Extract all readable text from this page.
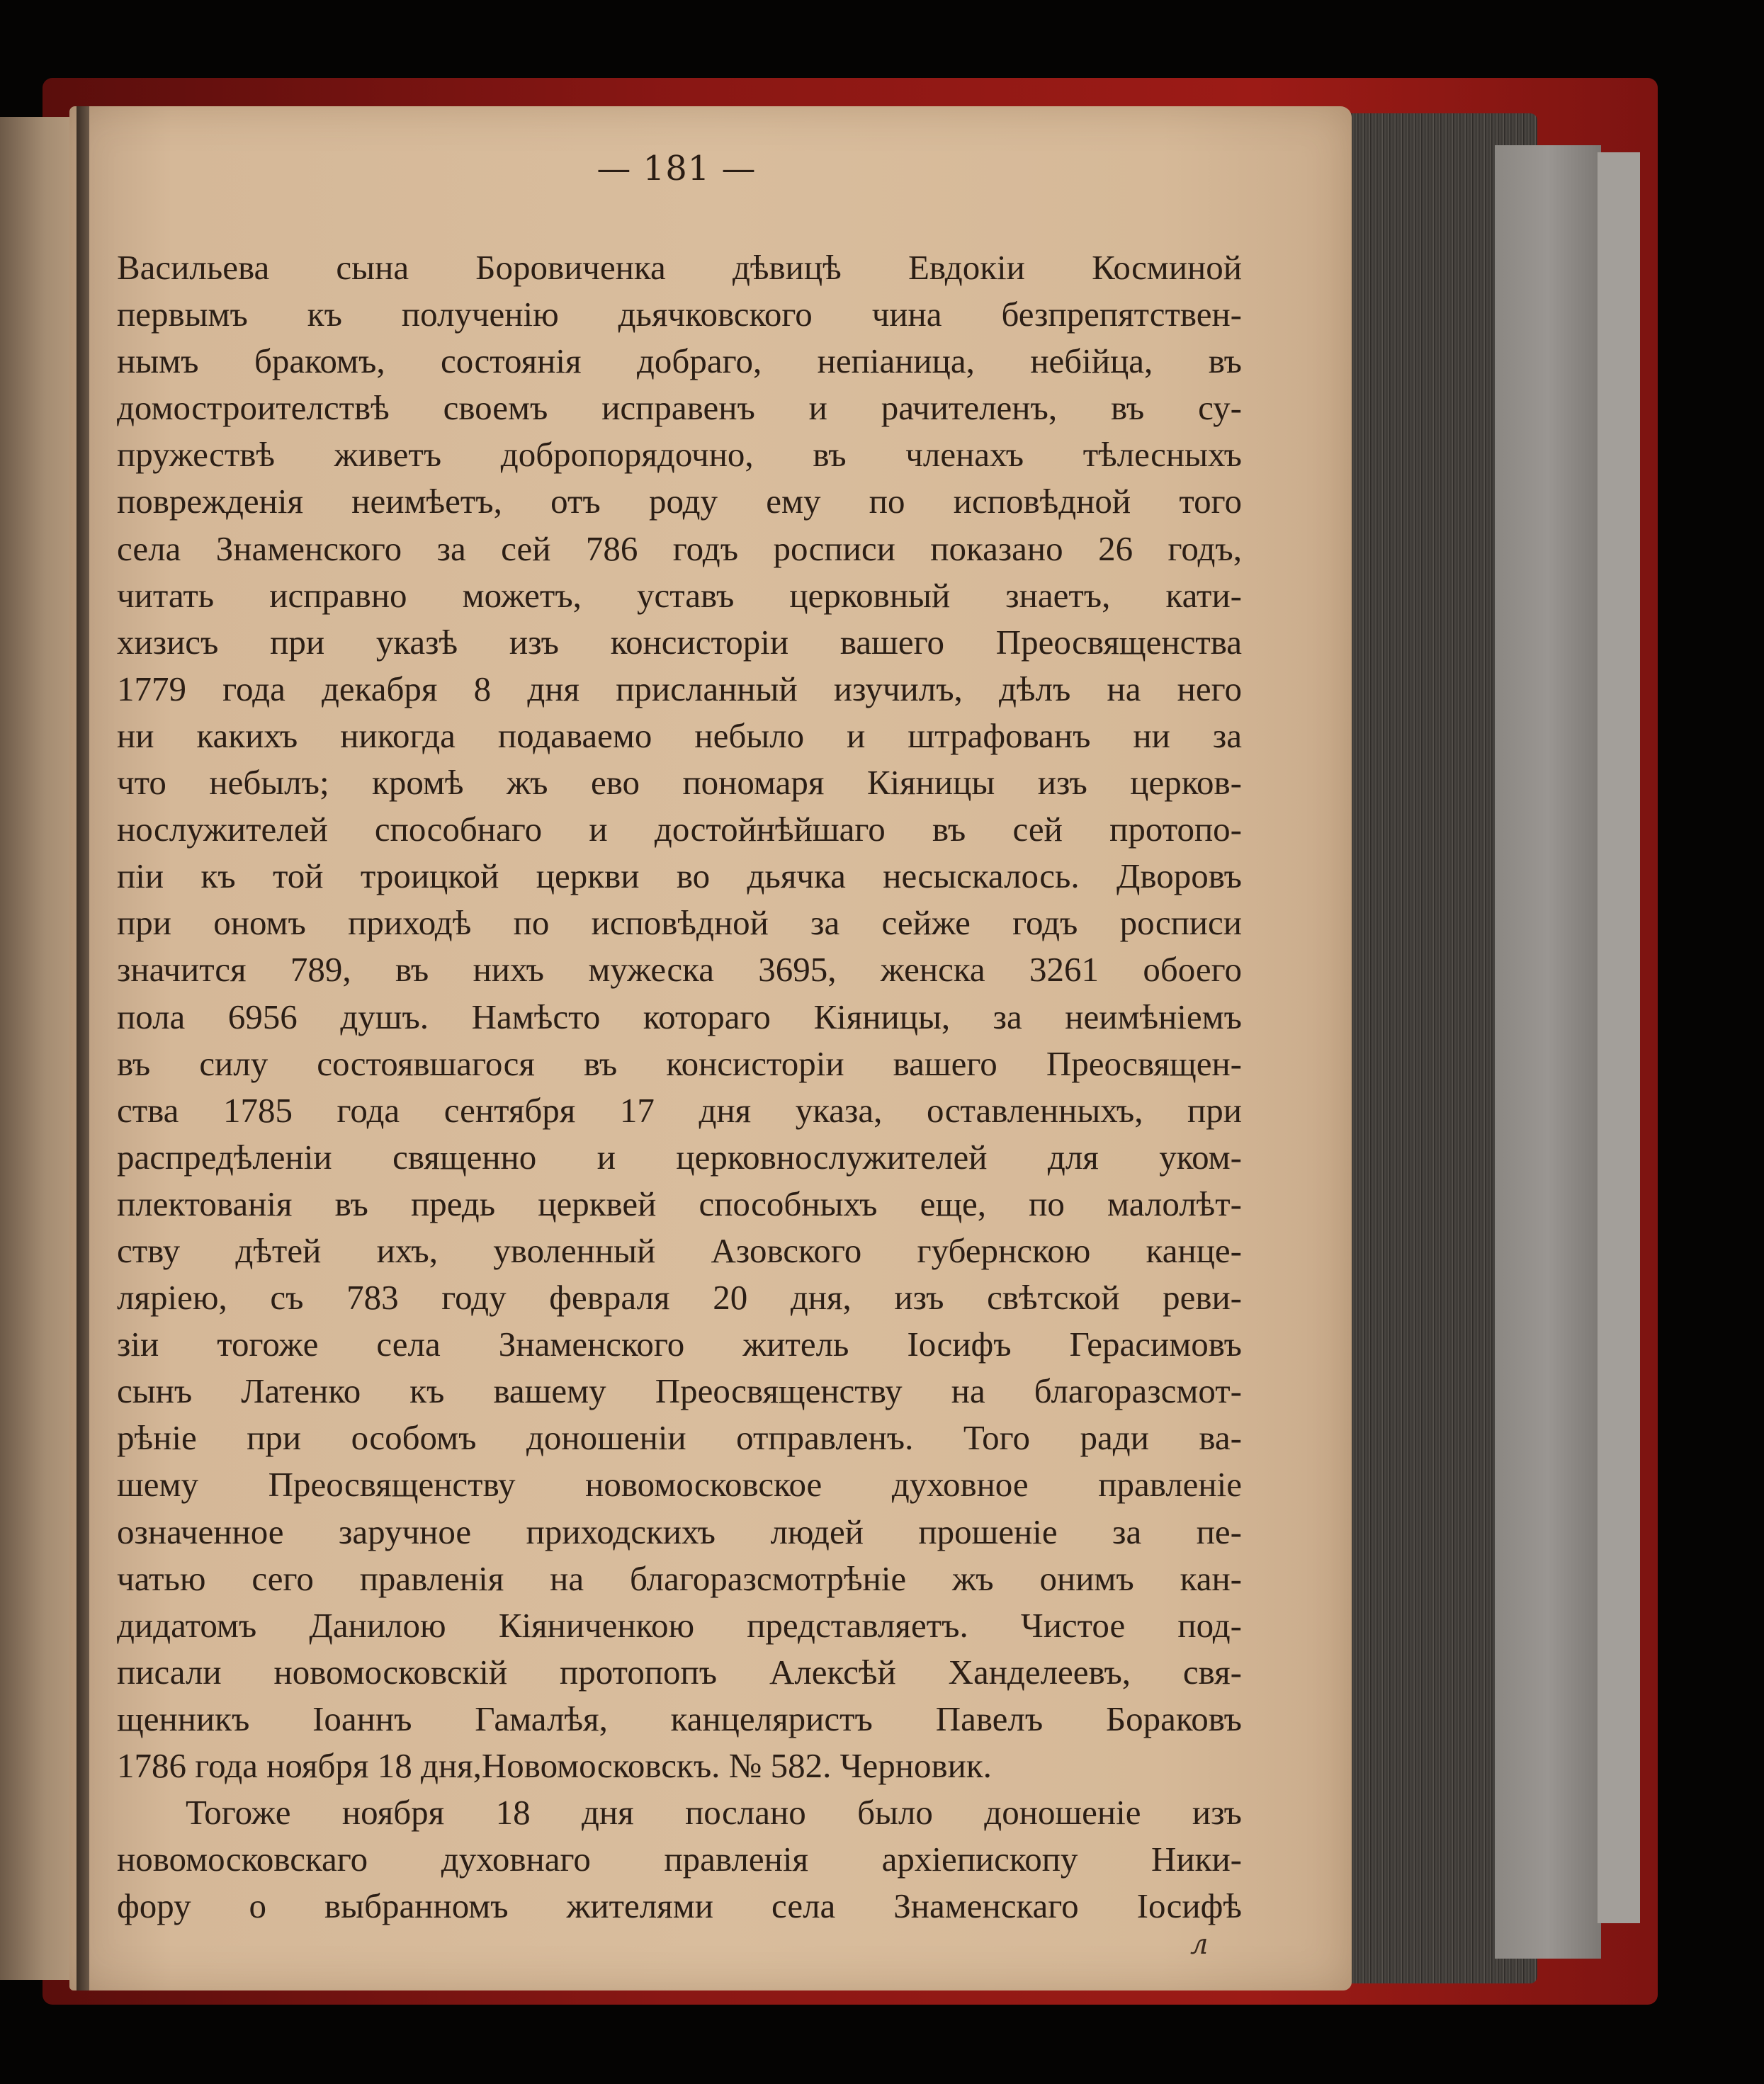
— 181 —
Васильева сына Боровиченка дѣвицѣ Евдокiи Косминой
первымъ къ полученiю дьячковского чина безпрепятствен-
нымъ бракомъ, состоянiя добраго, непiаница, небiйца, въ
домостроителствѣ своемъ исправенъ и рачителенъ, въ су-
пружествѣ живетъ добропорядочно, въ членахъ тѣлесныхъ
поврежденiя неимѣетъ, отъ роду ему по исповѣдной того
села Знаменского за сей 786 годъ росписи показано 26 годъ,
читать исправно можетъ, уставъ церковный знаетъ, кати-
хизисъ при указѣ изъ консисторiи вашего Преосвященства
1779 года декабря 8 дня присланный изучилъ, дѣлъ на него
ни какихъ никогда подаваемо небыло и штрафованъ ни за
что небылъ; кромѣ жъ ево пономаря Кiяницы изъ церков-
нослужителей способнаго и достойнѣйшаго въ сей протопо-
пiи къ той троицкой церкви во дьячка несыскалось. Дворовъ
при ономъ приходѣ по исповѣдной за сейже годъ росписи
значится 789, въ нихъ мужеска 3695, женска 3261 обоего
пола 6956 душъ. Намѣсто котораго Кiяницы, за неимѣнiемъ
въ силу состоявшагося въ консисторiи вашего Преосвящен-
ства 1785 года сентября 17 дня указа, оставленныхъ, при
распредѣленiи священно и церковнослужителей для уком-
плектованiя въ предь церквей способныхъ еще, по малолѣт-
ству дѣтей ихъ, уволенный Азовского губернскою канце-
ляріею, съ 783 году февраля 20 дня, изъ свѣтской реви-
зiи тогожe села Знаменского житель Iосифъ Герасимовъ
сынъ Латенко къ вашему Преосвященству на благоразсмот-
рѣнiе при особомъ доношенiи отправленъ. Того ради ва-
шему Преосвященству новомосковское духовное правленiе
означенное заручное приходскихъ людей прошенiе за пе-
чатью сего правленiя на благоразсмотрѣнiе жъ онимъ кан-
дидатомъ Данилою Кiяниченкою представляетъ. Чистое под-
писали новомосковскiй протопопъ Алексѣй Ханделеевъ, свя-
щенникъ Iоаннъ Гамалѣя, канцеляристъ Павелъ Бораковъ
1786 года ноября 18 дня,Новомосковскъ. № 582. Черновик.
Тогожe ноября 18 дня послано было доношенiе изъ
новомосковскаго духовнаго правленiя архiепископу Ники-
фору о выбранномъ жителями села Знаменскаго Iосифѣ
л
